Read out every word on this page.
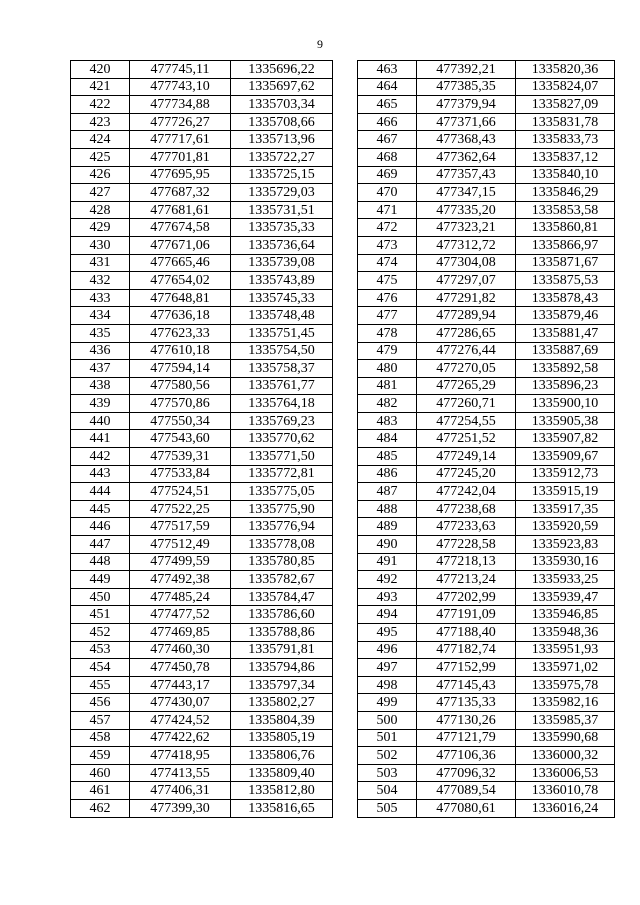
9
420	477745,11	1335696,22
421	477743,10	1335697,62
422	477734,88	1335703,34
423	477726,27	1335708,66
424	477717,61	1335713,96
425	477701,81	1335722,27
426	477695,95	1335725,15
427	477687,32	1335729,03
428	477681,61	1335731,51
429	477674,58	1335735,33
430	477671,06	1335736,64
431	477665,46	1335739,08
432	477654,02	1335743,89
433	477648,81	1335745,33
434	477636,18	1335748,48
435	477623,33	1335751,45
436	477610,18	1335754,50
437	477594,14	1335758,37
438	477580,56	1335761,77
439	477570,86	1335764,18
440	477550,34	1335769,23
441	477543,60	1335770,62
442	477539,31	1335771,50
443	477533,84	1335772,81
444	477524,51	1335775,05
445	477522,25	1335775,90
446	477517,59	1335776,94
447	477512,49	1335778,08
448	477499,59	1335780,85
449	477492,38	1335782,67
450	477485,24	1335784,47
451	477477,52	1335786,60
452	477469,85	1335788,86
453	477460,30	1335791,81
454	477450,78	1335794,86
455	477443,17	1335797,34
456	477430,07	1335802,27
457	477424,52	1335804,39
458	477422,62	1335805,19
459	477418,95	1335806,76
460	477413,55	1335809,40
461	477406,31	1335812,80
462	477399,30	1335816,65
463	477392,21	1335820,36
464	477385,35	1335824,07
465	477379,94	1335827,09
466	477371,66	1335831,78
467	477368,43	1335833,73
468	477362,64	1335837,12
469	477357,43	1335840,10
470	477347,15	1335846,29
471	477335,20	1335853,58
472	477323,21	1335860,81
473	477312,72	1335866,97
474	477304,08	1335871,67
475	477297,07	1335875,53
476	477291,82	1335878,43
477	477289,94	1335879,46
478	477286,65	1335881,47
479	477276,44	1335887,69
480	477270,05	1335892,58
481	477265,29	1335896,23
482	477260,71	1335900,10
483	477254,55	1335905,38
484	477251,52	1335907,82
485	477249,14	1335909,67
486	477245,20	1335912,73
487	477242,04	1335915,19
488	477238,68	1335917,35
489	477233,63	1335920,59
490	477228,58	1335923,83
491	477218,13	1335930,16
492	477213,24	1335933,25
493	477202,99	1335939,47
494	477191,09	1335946,85
495	477188,40	1335948,36
496	477182,74	1335951,93
497	477152,99	1335971,02
498	477145,43	1335975,78
499	477135,33	1335982,16
500	477130,26	1335985,37
501	477121,79	1335990,68
502	477106,36	1336000,32
503	477096,32	1336006,53
504	477089,54	1336010,78
505	477080,61	1336016,24
